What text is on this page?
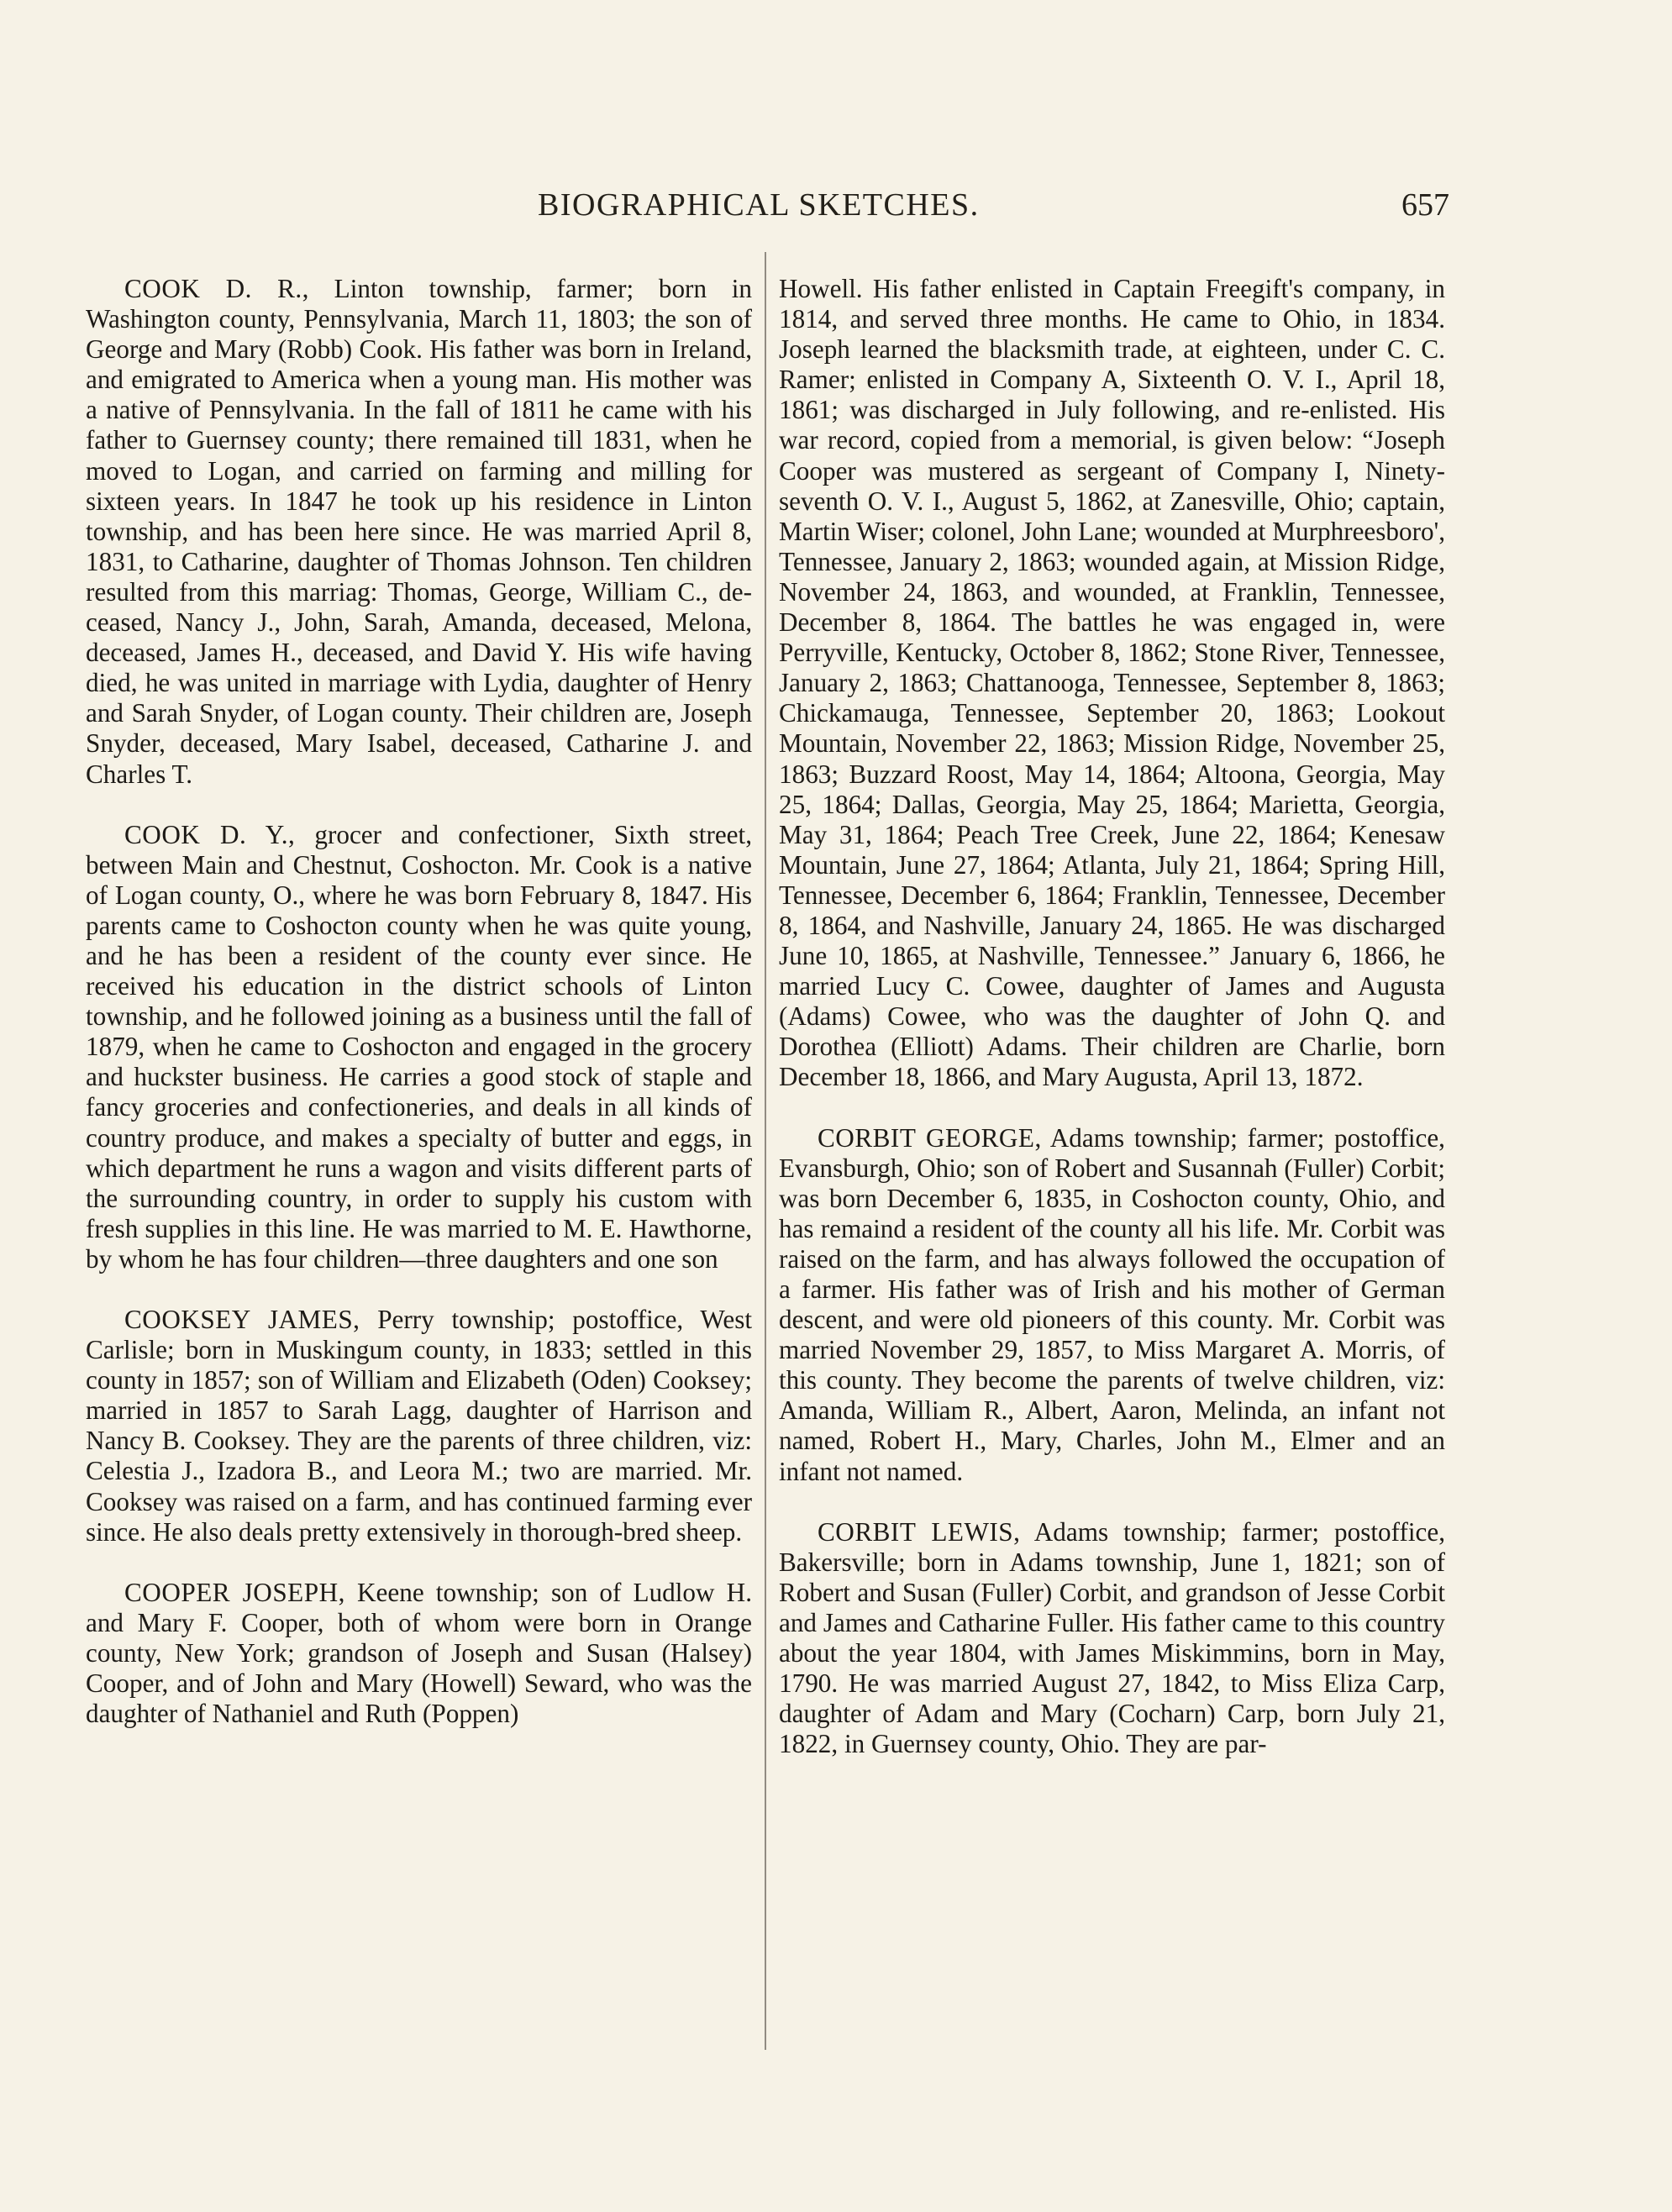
BIOGRAPHICAL SKETCHES.	657

COOK D. R., Linton township, farmer; born in Washington county, Pennsylvania, March 11, 1803; the son of George and Mary (Robb) Cook. His father was born in Ireland, and emigrated to America when a young man. His mother was a native of Pennsylvania. In the fall of 1811 he came with his father to Guernsey county; there remained till 1831, when he moved to Logan, and carried on farming and milling for sixteen years. In 1847 he took up his residence in Linton township, and has been here since. He was married April 8, 1831, to Catharine, daughter of Thomas Johnson. Ten children resulted from this marriag: Thomas, George, William C., deceased, Nancy J., John, Sarah, Amanda, deceased, Melona, deceased, James H., deceased, and David Y. His wife having died, he was united in marriage with Lydia, daughter of Henry and Sarah Snyder, of Logan county. Their children are, Joseph Snyder, deceased, Mary Isabel, deceased, Catharine J. and Charles T.

COOK D. Y., grocer and confectioner, Sixth street, between Main and Chestnut, Coshocton. Mr. Cook is a native of Logan county, O., where he was born February 8, 1847. His parents came to Coshocton county when he was quite young, and he has been a resident of the county ever since. He received his education in the district schools of Linton township, and he followed joining as a business until the fall of 1879, when he came to Coshocton and engaged in the grocery and huckster business. He carries a good stock of staple and fancy groceries and confectioneries, and deals in all kinds of country produce, and makes a specialty of butter and eggs, in which department he runs a wagon and visits different parts of the surrounding country, in order to supply his custom with fresh supplies in this line. He was married to M. E. Hawthorne, by whom he has four children—three daughters and one son

COOKSEY JAMES, Perry township; postoffice, West Carlisle; born in Muskingum county, in 1833; settled in this county in 1857; son of William and Elizabeth (Oden) Cooksey; married in 1857 to Sarah Lagg, daughter of Harrison and Nancy B. Cooksey. They are the parents of three children, viz: Celestia J., Izadora B., and Leora M.; two are married. Mr. Cooksey was raised on a farm, and has continued farming ever since. He also deals pretty extensively in thorough-bred sheep.

COOPER JOSEPH, Keene township; son of Ludlow H. and Mary F. Cooper, both of whom were born in Orange county, New York; grandson of Joseph and Susan (Halsey) Cooper, and of John and Mary (Howell) Seward, who was the daughter of Nathaniel and Ruth (Poppen)

Howell. His father enlisted in Captain Freegift's company, in 1814, and served three months. He came to Ohio, in 1834. Joseph learned the blacksmith trade, at eighteen, under C. C. Ramer; enlisted in Company A, Sixteenth O. V. I., April 18, 1861; was discharged in July following, and re-enlisted. His war record, copied from a memorial, is given below: “Joseph Cooper was mustered as sergeant of Company I, Ninety-seventh O. V. I., August 5, 1862, at Zanesville, Ohio; captain, Martin Wiser; colonel, John Lane; wounded at Murphreesboro', Tennessee, January 2, 1863; wounded again, at Mission Ridge, November 24, 1863, and wounded, at Franklin, Tennessee, December 8, 1864. The battles he was engaged in, were Perryville, Kentucky, October 8, 1862; Stone River, Tennessee, January 2, 1863; Chattanooga, Tennessee, September 8, 1863; Chickamauga, Tennessee, September 20, 1863; Lookout Mountain, November 22, 1863; Mission Ridge, November 25, 1863; Buzzard Roost, May 14, 1864; Altoona, Georgia, May 25, 1864; Dallas, Georgia, May 25, 1864; Marietta, Georgia, May 31, 1864; Peach Tree Creek, June 22, 1864; Kenesaw Mountain, June 27, 1864; Atlanta, July 21, 1864; Spring Hill, Tennessee, December 6, 1864; Franklin, Tennessee, December 8, 1864, and Nashville, January 24, 1865. He was discharged June 10, 1865, at Nashville, Tennessee.” January 6, 1866, he married Lucy C. Cowee, daughter of James and Augusta (Adams) Cowee, who was the daughter of John Q. and Dorothea (Elliott) Adams. Their children are Charlie, born December 18, 1866, and Mary Augusta, April 13, 1872.

CORBIT GEORGE, Adams township; farmer; postoffice, Evansburgh, Ohio; son of Robert and Susannah (Fuller) Corbit; was born December 6, 1835, in Coshocton county, Ohio, and has remaind a resident of the county all his life. Mr. Corbit was raised on the farm, and has always followed the occupation of a farmer. His father was of Irish and his mother of German descent, and were old pioneers of this county. Mr. Corbit was married November 29, 1857, to Miss Margaret A. Morris, of this county. They become the parents of twelve children, viz: Amanda, William R., Albert, Aaron, Melinda, an infant not named, Robert H., Mary, Charles, John M., Elmer and an infant not named.

CORBIT LEWIS, Adams township; farmer; postoffice, Bakersville; born in Adams township, June 1, 1821; son of Robert and Susan (Fuller) Corbit, and grandson of Jesse Corbit and James and Catharine Fuller. His father came to this country about the year 1804, with James Miskimmins, born in May, 1790. He was married August 27, 1842, to Miss Eliza Carp, daughter of Adam and Mary (Cocharn) Carp, born July 21, 1822, in Guernsey county, Ohio. They are par-
